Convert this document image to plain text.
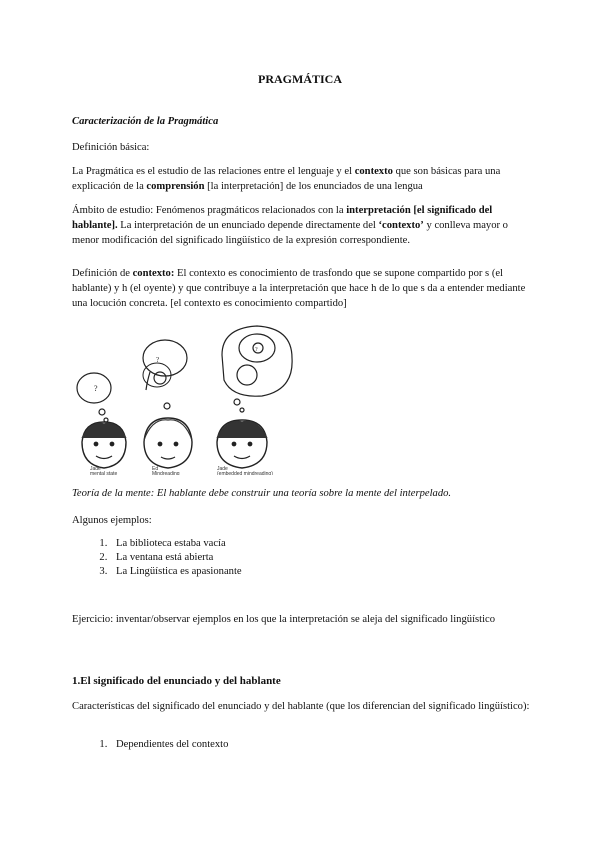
PRAGMÁTICA
Caracterización de la Pragmática
Definición básica:
La Pragmática es el estudio de las relaciones entre el lenguaje y el contexto que son básicas para una explicación de la comprensión [la interpretación] de los enunciados de una lengua
Ámbito de estudio: Fenómenos pragmáticos relacionados con la interpretación [el significado del hablante]. La interpretación de un enunciado depende directamente del ‘contexto’ y conlleva mayor o menor modificación del significado lingüístico de la expresión correspondiente.
Definición de contexto: El contexto es conocimiento de trasfondo que se supone compartido por s (el hablante) y h (el oyente) y que contribuye a la interpretación que hace h de lo que s da a entender mediante una locución concreta. [el contexto es conocimiento compartido]
?
?
?
Jade
mental state
Ed
Mindreading
Jade
(embedded mindreading)
Teoría de la mente: El hablante debe construir una teoría sobre la mente del interpelado.
Algunos ejemplos:
1. La biblioteca estaba vacía
2. La ventana está abierta
3. La Lingüística es apasionante
Ejercicio: inventar/observar ejemplos en los que la interpretación se aleja del significado lingüístico
1.El significado del enunciado y del hablante
Características del significado del enunciado y del hablante (que los diferencian del significado lingüístico):
1. Dependientes del contexto
